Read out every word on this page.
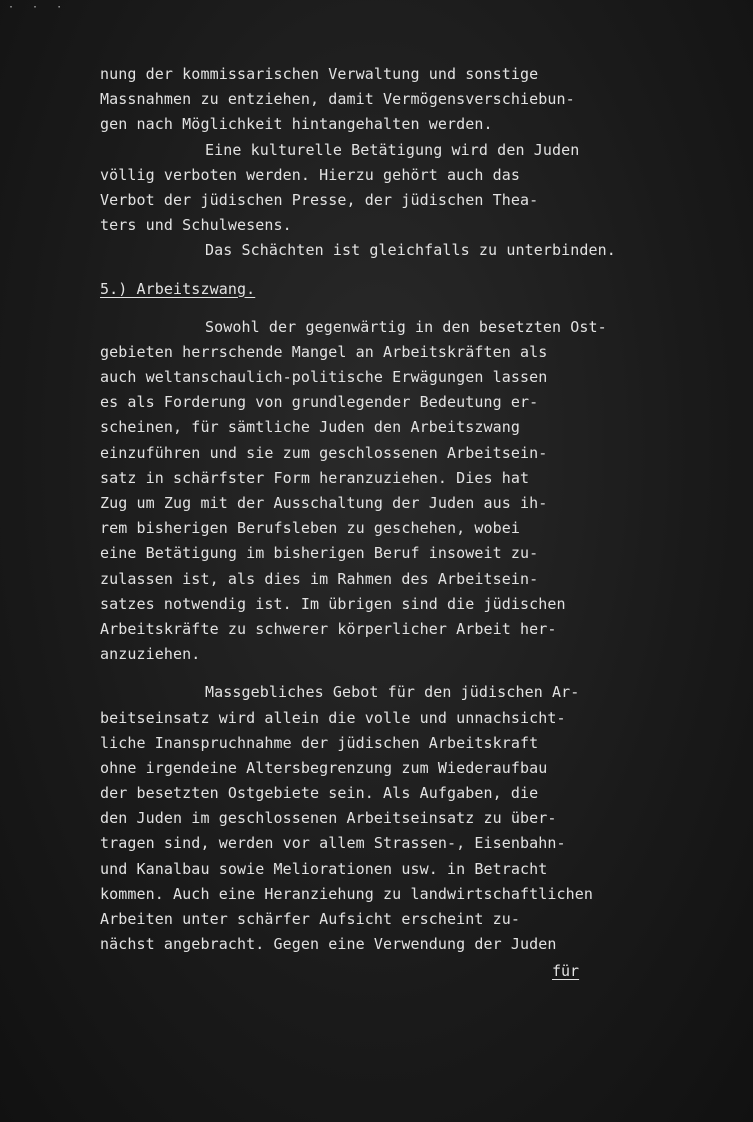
· · ·
nung der kommissarischen Verwaltung und sonstige
Massnahmen zu entziehen, damit Vermögensverschiebun-
gen nach Möglichkeit hintangehalten werden.
Eine kulturelle Betätigung wird den Juden
völlig verboten werden. Hierzu gehört auch das
Verbot der jüdischen Presse, der jüdischen Thea-
ters und Schulwesens.
Das Schächten ist gleichfalls zu unterbinden.
5.) Arbeitszwang.
Sowohl der gegenwärtig in den besetzten Ost-
gebieten herrschende Mangel an Arbeitskräften als
auch weltanschaulich-politische Erwägungen lassen
es als Forderung von grundlegender Bedeutung er-
scheinen, für sämtliche Juden den Arbeitszwang
einzuführen und sie zum geschlossenen Arbeitsein-
satz in schärfster Form heranzuziehen. Dies hat
Zug um Zug mit der Ausschaltung der Juden aus ih-
rem bisherigen Berufsleben zu geschehen, wobei
eine Betätigung im bisherigen Beruf insoweit zu-
zulassen ist, als dies im Rahmen des Arbeitsein-
satzes notwendig ist. Im übrigen sind die jüdischen
Arbeitskräfte zu schwerer körperlicher Arbeit her-
anzuziehen.
Massgebliches Gebot für den jüdischen Ar-
beitseinsatz wird allein die volle und unnachsicht-
liche Inanspruchnahme der jüdischen Arbeitskraft
ohne irgendeine Altersbegrenzung zum Wiederaufbau
der besetzten Ostgebiete sein. Als Aufgaben, die
den Juden im geschlossenen Arbeitseinsatz zu über-
tragen sind, werden vor allem Strassen-, Eisenbahn-
und Kanalbau sowie Meliorationen usw. in Betracht
kommen. Auch eine Heranziehung zu landwirtschaftlichen
Arbeiten unter schärfer Aufsicht erscheint zu-
nächst angebracht. Gegen eine Verwendung der Juden
für
